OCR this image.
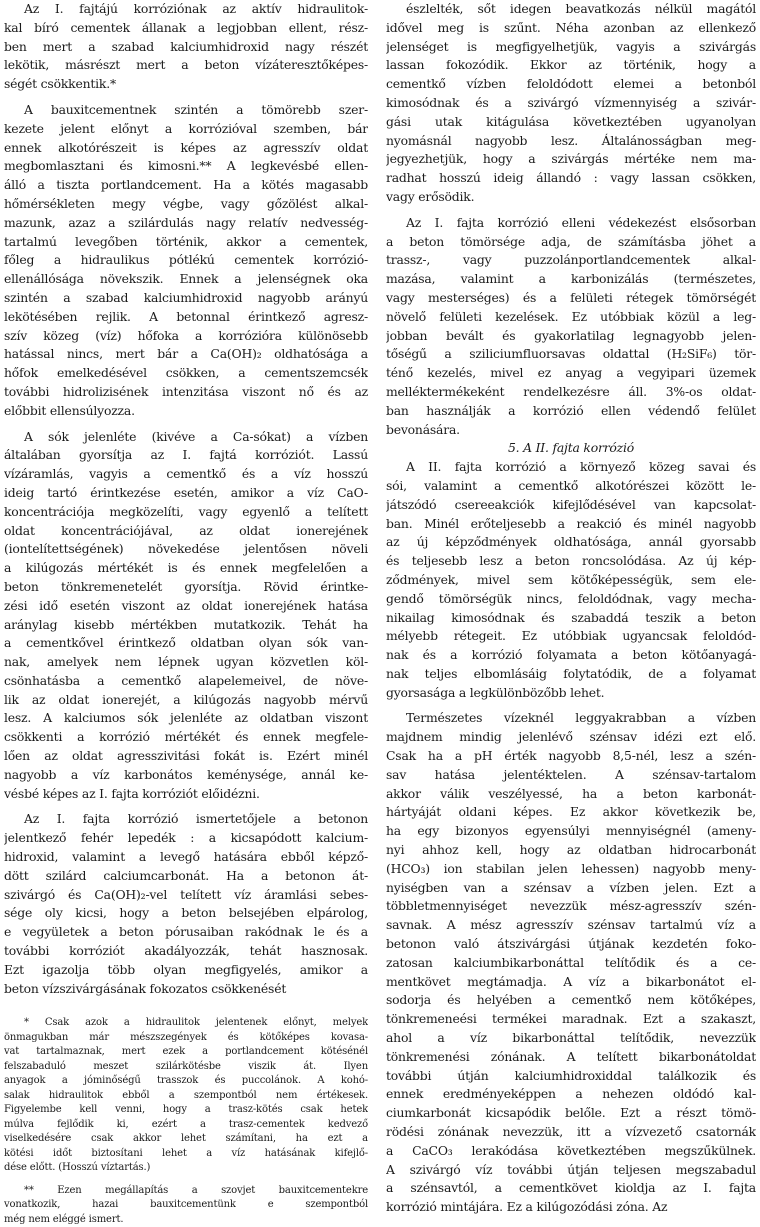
Az I. fajtájú korróziónak az aktív hidraulitok-

kal bíró cementek állanak a legjobban ellent, rész-

ben mert a szabad kalciumhidroxid nagy részét

lekötik, másrészt mert a beton vízáteresztőképes-

ségét csökkentik.*

A bauxitcementnek szintén a tömörebb szer-

kezete jelent előnyt a korrózióval szemben, bár

ennek alkotórészeit is képes az agresszív oldat

megbomlasztani és kimosni.** A legkevésbé ellen-

álló a tiszta portlandcement. Ha a kötés magasabb

hőmérsékleten megy végbe, vagy gőzölést alkal-

mazunk, azaz a szilárdulás nagy relatív nedvesség-

tartalmú levegőben történik, akkor a cementek,

főleg a hidraulikus pótlékú cementek korrózió-

ellenállósága növekszik. Ennek a jelenségnek oka

szintén a szabad kalciumhidroxid nagyobb arányú

lekötésében rejlik. A betonnal érintkező agresz-

szív közeg (víz) hőfoka a korrózióra különösebb

hatással nincs, mert bár a Ca(OH)₂ oldhatósága a

hőfok emelkedésével csökken, a cementszemcsék

további hidrolizisének intenzitása viszont nő és az

előbbit ellensúlyozza.

A sók jelenléte (kivéve a Ca-sókat) a vízben

általában gyorsítja az I. fajtá korróziót. Lassú

vízáramlás, vagyis a cementkő és a víz hosszú

ideig tartó érintkezése esetén, amikor a víz CaO-

koncentrációja megközelíti, vagy egyenlő a telített

oldat koncentrációjával, az oldat ionerejének

(iontelítettségének) növekedése jelentősen növeli

a kilúgozás mértékét is és ennek megfelelően a

beton tönkremenetelét gyorsítja. Rövid érintke-

zési idő esetén viszont az oldat ionerejének hatása

aránylag kisebb mértékben mutatkozik. Tehát ha

a cementkővel érintkező oldatban olyan sók van-

nak, amelyek nem lépnek ugyan közvetlen köl-

csönhatásba a cementkő alapelemeivel, de növe-

lik az oldat ionerejét, a kilúgozás nagyobb mérvű

lesz. A kalciumos sók jelenléte az oldatban viszont

csökkenti a korrózió mértékét és ennek megfele-

lően az oldat agresszivitási fokát is. Ezért minél

nagyobb a víz karbonátos keménysége, annál ke-

vésbé képes az I. fajta korróziót előidézni.

Az I. fajta korrózió ismertetőjele a betonon

jelentkező fehér lepedék : a kicsapódott kalcium-

hidroxid, valamint a levegő hatására ebből képző-

dött szilárd calciumcarbonát. Ha a betonon át-

szivárgó és Ca(OH)₂-vel telített víz áramlási sebes-

sége oly kicsi, hogy a beton belsejében elpárolog,

e vegyületek a beton pórusaiban rakódnak le és a

további korróziót akadályozzák, tehát hasznosak.

Ezt igazolja több olyan megfigyelés, amikor a

beton vízszivárgásának fokozatos csökkenését

* Csak azok a hidraulitok jelentenek előnyt, melyek

önmagukban már mészszegények és kötőképes kovasa-

vat tartalmaznak, mert ezek a portlandcement kötésénél

felszabaduló meszet szilárkötésbe viszik át. Ilyen

anyagok a jóminőségű trasszok és puccolánok. A kohó-

salak hidraulitok ebből a szempontból nem értékesek.

Figyelembe kell venni, hogy a trasz-kötés csak hetek

múlva fejlődik ki, ezért a trasz-cementek kedvező

viselkedésére csak akkor lehet számítani, ha ezt a

kötési időt biztosítani lehet a víz hatásának kifejlő-

dése előtt. (Hosszú víztartás.)

** Ezen megállapítás a szovjet bauxitcementekre

vonatkozik, hazai bauxitcementünk e szempontból

még nem eléggé ismert.

észlelték, sőt idegen beavatkozás nélkül magától

idővel meg is szűnt. Néha azonban az ellenkező

jelenséget is megfigyelhetjük, vagyis a szivárgás

lassan fokozódik. Ekkor az történik, hogy a

cementkő vízben feloldódott elemei a betonból

kimosódnak és a szivárgó vízmennyiség a szivár-

gási utak kitágulása következtében ugyanolyan

nyomásnál nagyobb lesz. Általánosságban meg-

jegyezhetjük, hogy a szivárgás mértéke nem ma-

radhat hosszú ideig állandó : vagy lassan csökken,

vagy erősödik.

Az I. fajta korrózió elleni védekezést elsősorban

a beton tömörsége adja, de számításba jöhet a

trassz-, vagy puzzolánportlandcementek alkal-

mazása, valamint a karbonizálás (természetes,

vagy mesterséges) és a felületi rétegek tömörségét

növelő felületi kezelések. Ez utóbbiak közül a leg-

jobban bevált és gyakorlatilag legnagyobb jelen-

tőségű a sziliciumfluorsavas oldattal (H₂SiF₆) tör-

ténő kezelés, mivel ez anyag a vegyipari üzemek

melléktermékeként rendelkezésre áll. 3%-os oldat-

ban használják a korrózió ellen védendő felület

bevonására.

5. A II. fajta korrózió

A II. fajta korrózió a környező közeg savai és

sói, valamint a cementkő alkotórészei között le-

játszódó csereeakciók kifejlődésével van kapcsolat-

ban. Minél erőteljesebb a reakció és minél nagyobb

az új képződmények oldhatósága, annál gyorsabb

és teljesebb lesz a beton roncsolódása. Az új kép-

ződmények, mivel sem kötőképességük, sem ele-

gendő tömörségük nincs, feloldódnak, vagy mecha-

nikailag kimosódnak és szabaddá teszik a beton

mélyebb rétegeit. Ez utóbbiak ugyancsak feloldód-

nak és a korrózió folyamata a beton kötőanyagá-

nak teljes elbomlásáig folytatódik, de a folyamat

gyorsasága a legkülönbözőbb lehet.

Természetes vízeknél leggyakrabban a vízben

majdnem mindig jelenlévő szénsav idézi ezt elő.

Csak ha a pH érték nagyobb 8,5-nél, lesz a szén-

sav hatása jelentéktelen. A szénsav-tartalom

akkor válik veszélyessé, ha a beton karbonát-

hártyáját oldani képes. Ez akkor következik be,

ha egy bizonyos egyensúlyi mennyiségnél (ameny-

nyi ahhoz kell, hogy az oldatban hidrocarbonát

(HCO₃) ion stabilan jelen lehessen) nagyobb meny-

nyiségben van a szénsav a vízben jelen. Ezt a

többletmennyiséget nevezzük mész-agresszív szén-

savnak. A mész agresszív szénsav tartalmú víz a

betonon való átszivárgási útjának kezdetén foko-

zatosan kalciumbikarbonáttal telítődik és a ce-

mentkövet megtámadja. A víz a bikarbonátot el-

sodorja és helyében a cementkő nem kötőképes,

tönkremeneési termékei maradnak. Ezt a szakaszt,

ahol a víz bikarbonáttal telítődik, nevezzük

tönkremenési zónának. A telített bikarbonátoldat

további útján kalciumhidroxiddal találkozik és

ennek eredményeképpen a nehezen oldódó kal-

ciumkarbonát kicsapódik belőle. Ezt a részt tömö-

rödési zónának nevezzük, itt a vízvezető csatornák

a CaCO₃ lerakódása következtében megszűkülnek.

A szivárgó víz további útján teljesen megszabadul

a szénsavtól, a cementkövet kioldja az I. fajta

korrózió mintájára. Ez a kilúgozódási zóna. Az
